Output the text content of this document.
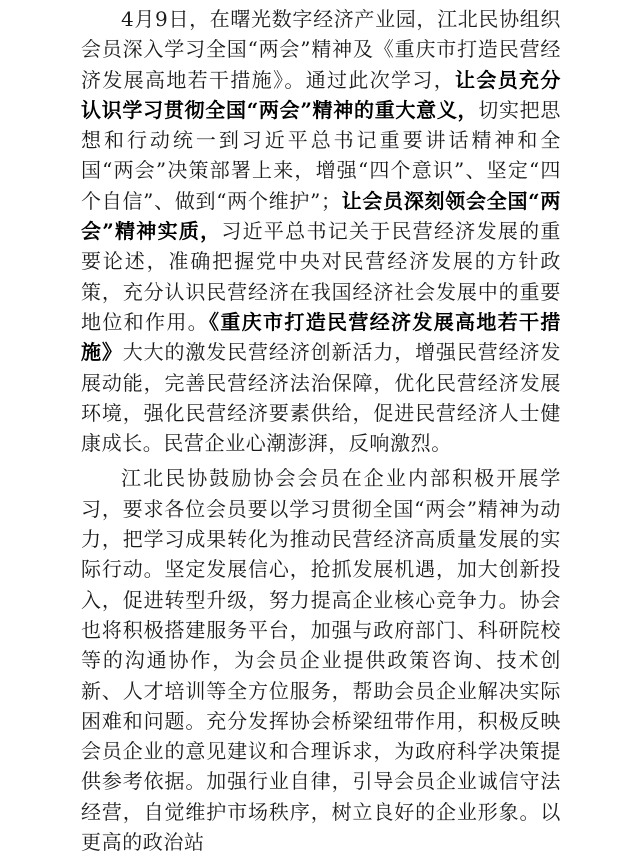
4月9日，在曙光数字经济产业园，江北民协组织会员深入学习全国“两会”精神及《重庆市打造民营经济发展高地若干措施》。通过此次学习，让会员充分认识学习贯彻全国“两会”精神的重大意义，切实把思想和行动统一到习近平总书记重要讲话精神和全国“两会”决策部署上来，增强“四个意识”、坚定“四个自信”、做到“两个维护”；让会员深刻领会全国“两会”精神实质，习近平总书记关于民营经济发展的重要论述，准确把握党中央对民营经济发展的方针政策，充分认识民营经济在我国经济社会发展中的重要地位和作用。《重庆市打造民营经济发展高地若干措施》大大的激发民营经济创新活力，增强民营经济发展动能，完善民营经济法治保障，优化民营经济发展环境，强化民营经济要素供给，促进民营经济人士健康成长。民营企业心潮澎湃，反响激烈。

江北民协鼓励协会会员在企业内部积极开展学习，要求各位会员要以学习贯彻全国“两会”精神为动力，把学习成果转化为推动民营经济高质量发展的实际行动。坚定发展信心，抢抓发展机遇，加大创新投入，促进转型升级，努力提高企业核心竞争力。协会也将积极搭建服务平台，加强与政府部门、科研院校等的沟通协作，为会员企业提供政策咨询、技术创新、人才培训等全方位服务，帮助会员企业解决实际困难和问题。充分发挥协会桥梁纽带作用，积极反映会员企业的意见建议和合理诉求，为政府科学决策提供参考依据。加强行业自律，引导会员企业诚信守法经营，自觉维护市场秩序，树立良好的企业形象。以更高的政治站
